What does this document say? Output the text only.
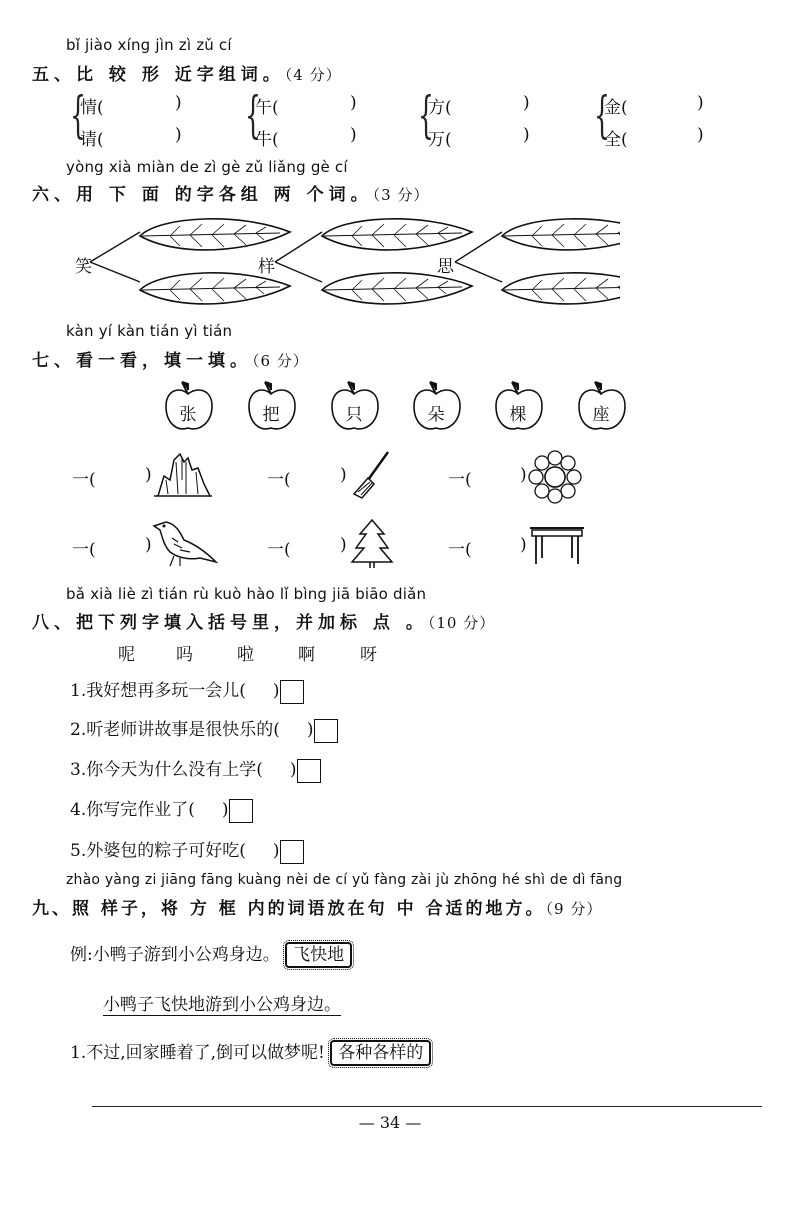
bǐ jiào xíng jìn zì zǔ cí
五、比 较 形 近字组词。（4 分）
{
情(	)
请(	) {
午(	)
牛(	) {
方(	)
万(	) {
金(	)
全(	)
yòng xià miàn de zì gè zǔ liǎng gè cí
六、用 下 面 的字各组 两 个词。（3 分）
笑	样	思
kàn yí kàn tián yì tián
七、看一看，填一填。（6 分）
张	把	只	朵	棵	座
一(	)	一(	)	一(	)
一(	)	一(	)	一(	)
bǎ xià liè zì tián rù kuò hào lǐ bìng jiā biāo diǎn
八、把下列字填入括号里，并加标 点 。（10 分）
呢 吗	啦	啊	呀
1.我好想再多玩一会儿( )
2.听老师讲故事是很快乐的( )
3.你今天为什么没有上学( )
4.你写完作业了( )
5.外婆包的粽子可好吃( )
zhào yàng zi jiāng fāng kuàng nèi de cí yǔ fàng zài jù zhōng hé shì de dì fāng
九、照 样子，将 方 框 内的词语放在句 中 合适的地方。（9 分）
例:小鸭子游到小公鸡身边。 飞快地
小鸭子飞快地游到小公鸡身边。
1.不过,回家睡着了,倒可以做梦呢! 各种各样的
— 34 —
